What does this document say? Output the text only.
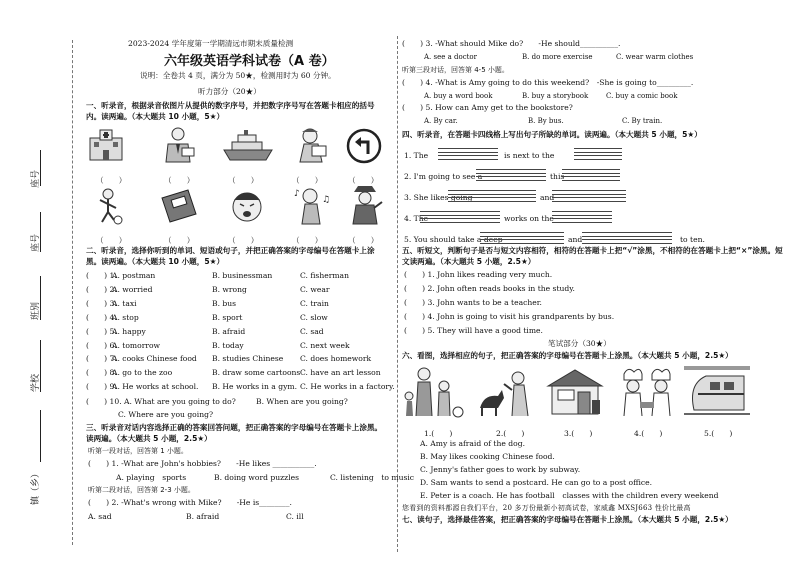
座号
座号
班别
学校
镇（乡）
2023-2024 学年度第一学期清远市期末质量检测
六年级英语学科试卷（A 卷）
说明：全卷共 4 页，满分为 50★，检测用时为 60 分钟。
听力部分（20★）
一、听录音，根据录音依图片从提供的数字序号，并把数字序号写在答题卡相应的括号内。读两遍。（本大题共 10 小题，5★）
（　　）	（　　）	（　　）	（　　）	（　　）
♪
♫
（　　）	（　　）	（　　）	（　　）	（　　）
二、听录音，选择你听到的单词、短语或句子，并把正确答案的字母编号在答题卡上涂黑。读两遍。（本大题共 10 小题，5★）
(　　) 1.
A. postman	B. businessman	C. fisherman
(　　) 2.
A. worried	B. wrong	C. wear
(　　) 3.
A. taxi	B. bus	C. train
(　　) 4.
A. stop	B. sport	C. slow
(　　) 5.
A. happy	B. afraid	C. sad
(　　) 6.
A. tomorrow	B. today	C. next week
(　　) 7.
A. cooks Chinese food B. studies Chinese C. does homework
(　　) 8.
A. go to the zoo	B. draw some cartoons C. have an art lesson
(　　) 9.
A. He works at school. B. He works in a gym. C. He works in a factory.
(　　) 10. A. What are you going to do?	B. When are you going?
C. Where are you going?
三、听录音对话内容选择正确的答案回答问题，把正确答案的字母编号在答题卡上涂黑。读两遍。（本大题共 5 小题，2.5★）
听第一段对话，回答第 1 小题。
(　　) 1. -What are John's hobbies?　　-He likes ___________.
A. playing　sports	B. doing word puzzles	C. listening　to music
听第二段对话，回答第 2-3 小题。
(　　) 2. -What's wrong with Mike?　　-He is________.
A. sad	B. afraid	C. ill
(　　) 3. -What should Mike do?　　-He should__________.
A. see a doctor	B. do more exercise	C. wear warm clothes
听第三段对话，回答第 4-5 小题。
(　　) 4. -What is Amy going to do this weekend?　-She is going to_________.
A. buy a word book	B. buy a storybook	C. buy a comic book
(　　) 5. How can Amy get to the bookstore?
A. By car.	B. By bus.	C. By train.
四、听录音，在答题卡四线格上写出句子所缺的单词。读两遍。（本大题共 5 小题，5★）
1. The	is next to the
2. I'm going to see a	this
3. She likes going	and
4. The	works on the
5. You should take a deep	and	to ten.
五、听短文，判断句子是否与短文内容相符，相符的在答题卡上把“√”涂黑，不相符的在答题卡上把“×”涂黑。短文读两遍。（本大题共 5 小题，2.5★）
(　　) 1. John likes reading very much.
(　　) 2. John often reads books in the study.
(　　) 3. John wants to be a teacher.
(　　) 4. John is going to visit his grandparents by bus.
(　　) 5. They will have a good time.
笔试部分（30★）
六、看图，选择相应的句子，把正确答案的字母编号在答题卡上涂黑。（本大题共 5 小题，2.5★）
1.(　　)	2.(　　)	3.(　　)	4.(　　)	5.(　　)
A. Amy is afraid of the dog.
B. May likes cooking Chinese food.
C. Jenny's father goes to work by subway.
D. Sam wants to send a postcard. He can go to a post office.
E. Peter is a coach. He has football　classes with the children every weekend
您看到的资料都源自我们平台，20 多万份最新小初高试卷，家威鑫 MXSJ663 性价比最高
七、读句子，选择最佳答案，把正确答案的字母编号在答题卡上涂黑。（本大题共 5 小题，2.5★）
